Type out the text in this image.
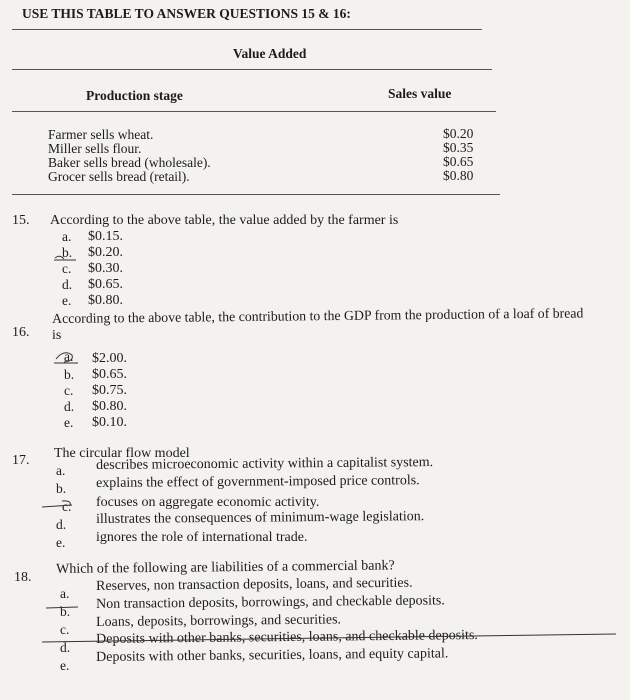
USE THIS TABLE TO ANSWER QUESTIONS 15 & 16:
Value Added
Production stage	Sales value
Farmer sells wheat.	$0.20
Miller sells flour.	$0.35
Baker sells bread (wholesale).	$0.65
Grocer sells bread (retail).	$0.80
15. According to the above table, the value added by the farmer is
a.	$0.15.
b.	$0.20.
c.	$0.30.
d.	$0.65.
e.	$0.80.
16.
According to the above table, the contribution to the GDP from the production of a loaf of bread
is
a.	$2.00.
b.	$0.65.
c.	$0.75.
d.	$0.80.
e.	$0.10.
17. The circular flow model
a.	describes microeconomic activity within a capitalist system.
b.	explains the effect of government-imposed price controls.
c.	focuses on aggregate economic activity.
d.	illustrates the consequences of minimum-wage legislation.
e.	ignores the role of international trade.
18.
Which of the following are liabilities of a commercial bank?
a.	Reserves, non transaction deposits, loans, and securities.
b.	Non transaction deposits, borrowings, and checkable deposits.
c.	Loans, deposits, borrowings, and securities.
d.
Deposits with other banks, securities, loans, and checkable deposits.
e.
Deposits with other banks, securities, loans, and equity capital.
